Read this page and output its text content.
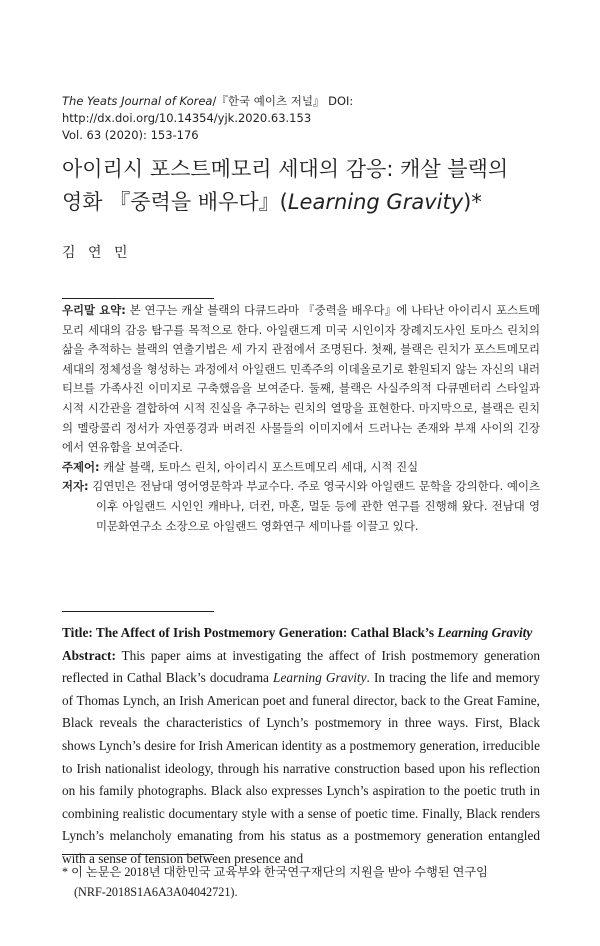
The Yeats Journal of Korea/『한국 예이츠 저널』 DOI: http://dx.doi.org/10.14354/yjk.2020.63.153
Vol. 63 (2020): 153-176
아이리시 포스트메모리 세대의 감응: 캐살 블랙의
영화 『중력을 배우다』(Learning Gravity)*
김 연 민
우리말 요약: 본 연구는 캐살 블랙의 다큐드라마 『중력을 배우다』에 나타난 아이리시 포스트메모리 세대의 감응 탐구를 목적으로 한다. 아일랜드계 미국 시인이자 장례지도사인 토마스 린치의 삶을 추적하는 블랙의 연출기법은 세 가지 관점에서 조명된다. 첫째, 블랙은 린치가 포스트메모리 세대의 정체성을 형성하는 과정에서 아일랜드 민족주의 이데올로기로 환원되지 않는 자신의 내러티브를 가족사진 이미지로 구축했음을 보여준다. 둘째, 블랙은 사실주의적 다큐멘터리 스타일과 시적 시간관을 결합하여 시적 진실을 추구하는 린치의 열망을 표현한다. 마지막으로, 블랙은 린치의 멜랑콜리 정서가 자연풍경과 버려진 사물들의 이미지에서 드러나는 존재와 부재 사이의 긴장에서 연유함을 보여준다.
주제어: 캐살 블랙, 토마스 린치, 아이리시 포스트메모리 세대, 시적 진실
저자: 김연민은 전남대 영어영문학과 부교수다. 주로 영국시와 아일랜드 문학을 강의한다. 예이츠 이후 아일랜드 시인인 캐바나, 더컨, 마혼, 멀둔 등에 관한 연구를 진행해 왔다. 전남대 영미문화연구소 소장으로 아일랜드 영화연구 세미나를 이끌고 있다.
Title: The Affect of Irish Postmemory Generation: Cathal Black’s Learning Gravity
Abstract: This paper aims at investigating the affect of Irish postmemory generation reflected in Cathal Black’s docudrama Learning Gravity. In tracing the life and memory of Thomas Lynch, an Irish American poet and funeral director, back to the Great Famine, Black reveals the characteristics of Lynch’s postmemory in three ways. First, Black shows Lynch’s desire for Irish American identity as a postmemory generation, irreducible to Irish nationalist ideology, through his narrative construction based upon his reflection on his family photographs. Black also expresses Lynch’s aspiration to the poetic truth in combining realistic documentary style with a sense of poetic time. Finally, Black renders Lynch’s melancholy emanating from his status as a postmemory generation entangled with a sense of tension between presence and
* 이 논문은 2018년 대한민국 교육부와 한국연구재단의 지원을 받아 수행된 연구임
(NRF-2018S1A6A3A04042721).
